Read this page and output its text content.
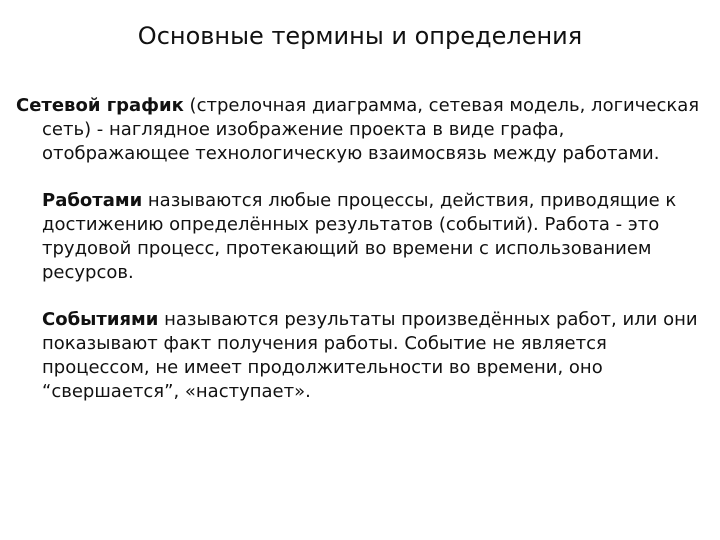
Основные термины и определения

Сетевой график (стрелочная диаграмма, сетевая модель, логическая сеть) - наглядное изображение проекта в виде графа, отображающее технологическую взаимосвязь между работами.

Работами называются любые процессы, действия, приводящие к достижению определённых результатов (событий). Работа - это трудовой процесс, протекающий во времени с использованием ресурсов.

Событиями называются результаты произведённых работ, или они показывают факт получения работы. Событие не является процессом, не имеет продолжительности во времени, оно “свершается”, «наступает».
